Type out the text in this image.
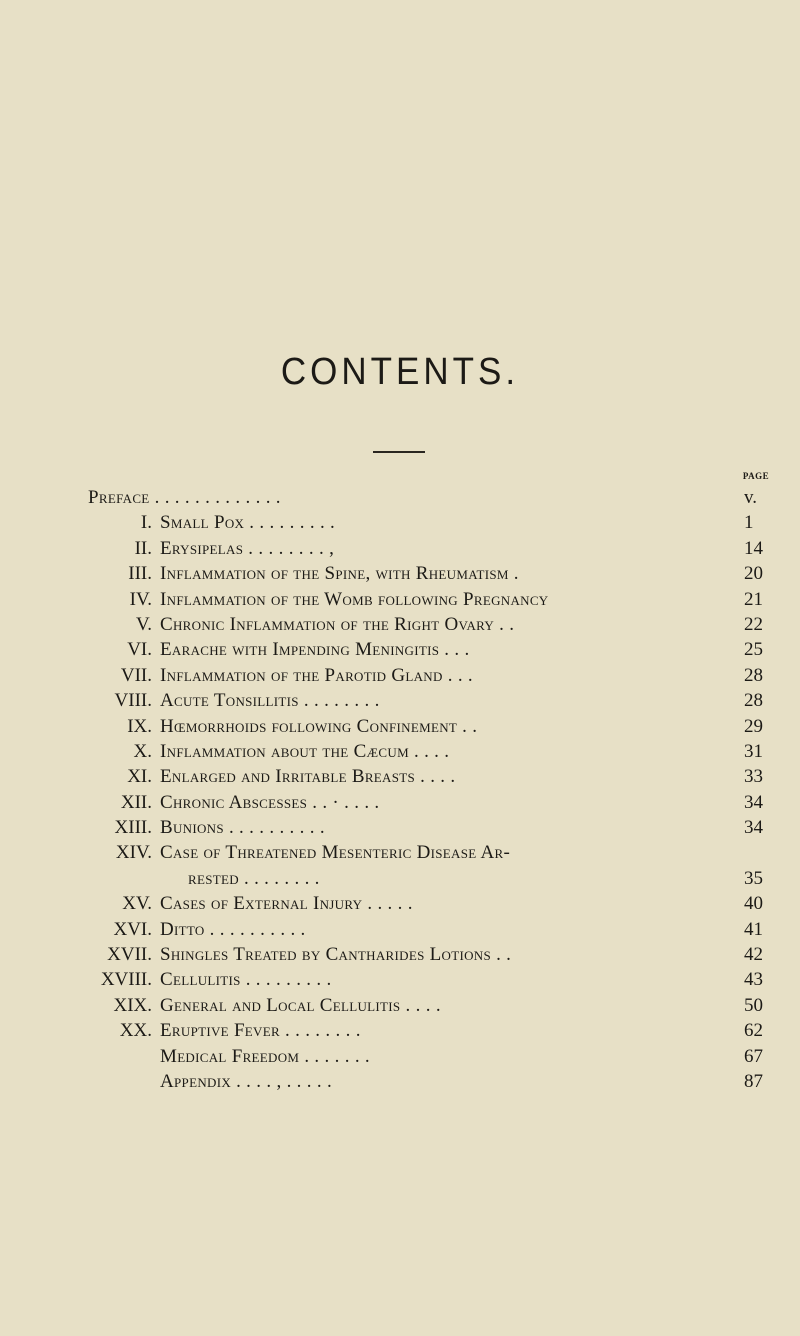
CONTENTS.
PAGE
Preface . . . . . . . . . . . . .	v.
I. Small Pox . . . . . . . . .	1
II. Erysipelas . . . . . . . . ,	14
III. Inflammation of the Spine, with Rheumatism .	20
IV. Inflammation of the Womb following Pregnancy	21
V. Chronic Inflammation of the Right Ovary . .	22
VI. Earache with Impending Meningitis . . .	25
VII. Inflammation of the Parotid Gland . . .	28
VIII. Acute Tonsillitis . . . . . . . .	28
IX. Hœmorrhoids following Confinement . .	29
X. Inflammation about the Cæcum . . . .	31
XI. Enlarged and Irritable Breasts . . . .	33
XII. Chronic Abscesses . . · . . . .	34
XIII. Bunions . . . . . . . . . .	34
XIV. Case of Threatened Mesenteric Disease Ar-
rested . . . . . . . .	35
XV. Cases of External Injury . . . . .	40
XVI. Ditto . . . . . . . . . .	41
XVII. Shingles Treated by Cantharides Lotions . .	42
XVIII. Cellulitis . . . . . . . . .	43
XIX. General and Local Cellulitis . . . .	50
XX. Eruptive Fever . . . . . . . .	62
Medical Freedom . . . . . . .	67
Appendix . . . . , . . . . .	87
